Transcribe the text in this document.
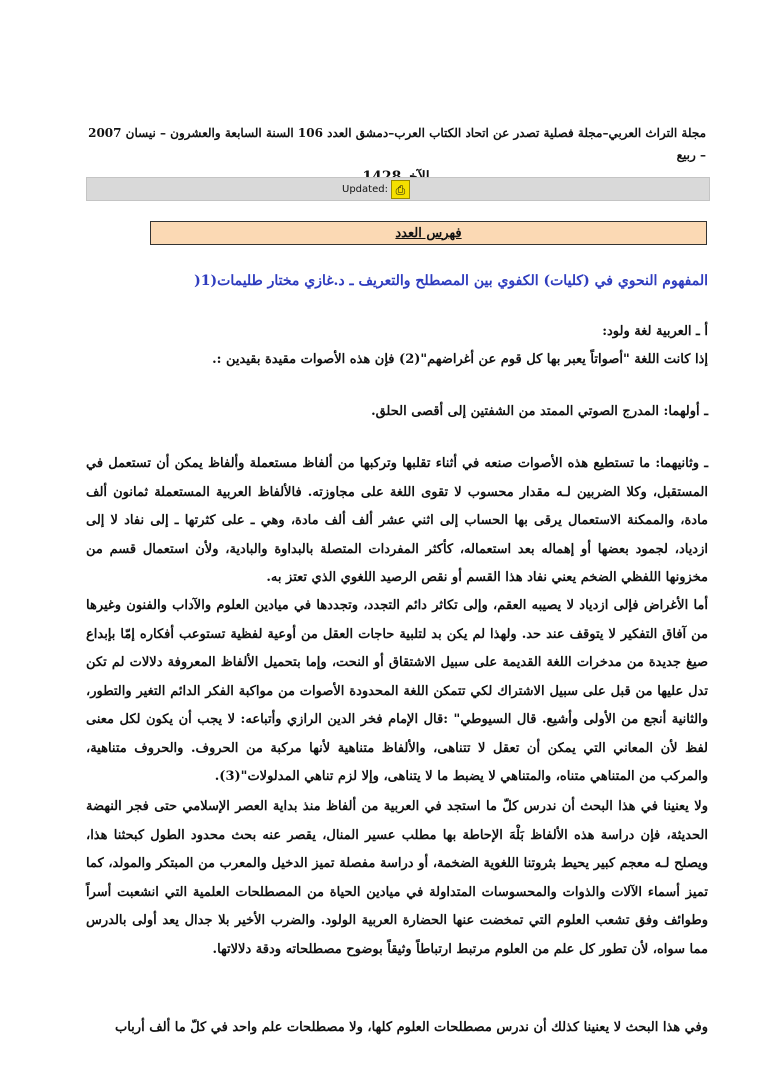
مجلة التراث العربي–مجلة فصلية تصدر عن اتحاد الكتاب العرب–دمشق العدد 106 السنة السابعة والعشرون – نيسان 2007 – ربيع
Updated: ⎙
فهرس العدد
المفهوم النحوي في (كليات) الكفوي بين المصطلح والتعريف ـ د.غازي مختار طليمات(1(

أ ـ العربية لغة ولود:

إذا كانت اللغة "أصواتاً يعبر بها كل قوم عن أغراضهم"(2) فإن هذه الأصوات مقيدة بقيدين :.

ـ أولهما: المدرج الصوتي الممتد من الشفتين إلى أقصى الحلق.

ـ وثانيهما: ما تستطيع هذه الأصوات صنعه في أثناء تقلبها وتركبها من ألفاظ مستعملة وألفاظ يمكن أن تستعمل في المستقبل، وكلا الضربين لـه مقدار محسوب لا تقوى اللغة على مجاوزته. فالألفاظ العربية المستعملة ثمانون ألف مادة، والممكنة الاستعمال يرقى بها الحساب إلى اثني عشر ألف ألف مادة، وهي ـ على كثرتها ـ إلى نفاد لا إلى ازدياد، لجمود بعضها أو إهماله بعد استعماله، كأكثر المفردات المتصلة بالبداوة والبادية، ولأن استعمال قسم من مخزونها اللفظي الضخم يعني نفاد هذا القسم أو نقص الرصيد اللغوي الذي تعتز به.

أما الأغراض فإلى ازدياد لا يصيبه العقم، وإلى تكاثر دائم التجدد، وتجددها في ميادين العلوم والآداب والفنون وغيرها من آفاق التفكير لا يتوقف عند حد. ولهذا لم يكن بد لتلبية حاجات العقل من أوعية لفظية تستوعب أفكاره إمّا بإبداع صيغ جديدة من مدخرات اللغة القديمة على سبيل الاشتقاق أو النحت، وإما بتحميل الألفاظ المعروفة دلالات لم تكن تدل عليها من قبل على سبيل الاشتراك لكي تتمكن اللغة المحدودة الأصوات من مواكبة الفكر الدائم التغير والتطور، والثانية أنجع من الأولى وأشيع. قال السيوطي" :قال الإمام فخر الدين الرازي وأتباعه: لا يجب أن يكون لكل معنى لفظ لأن المعاني التي يمكن أن تعقل لا تتناهى، والألفاظ متناهية لأنها مركبة من الحروف. والحروف متناهية، والمركب من المتناهي متناه، والمتناهي لا يضبط ما لا يتناهى، وإلا لزم تناهي المدلولات"(3).

ولا يعنينا في هذا البحث أن ندرس كلّ ما استجد في العربية من ألفاظ منذ بداية العصر الإسلامي حتى فجر النهضة الحديثة، فإن دراسة هذه الألفاظ بَلْهَ الإحاطة بها مطلب عسير المنال، يقصر عنه بحث محدود الطول كبحثنا هذا، ويصلح لـه معجم كبير يحيط بثروتنا اللغوية الضخمة، أو دراسة مفصلة تميز الدخيل والمعرب من المبتكر والمولد، كما تميز أسماء الآلات والذوات والمحسوسات المتداولة في ميادين الحياة من المصطلحات العلمية التي انشعبت أسراً وطوائف وفق تشعب العلوم التي تمخضت عنها الحضارة العربية الولود. والضرب الأخير بلا جدال يعد أولى بالدرس مما سواه، لأن تطور كل علم من العلوم مرتبط ارتباطاً وثيقاً بوضوح مصطلحاته ودقة دلالاتها.

وفي هذا البحث لا يعنينا كذلك أن ندرس مصطلحات العلوم كلها، ولا مصطلحات علم واحد في كلّ ما ألف أرباب
